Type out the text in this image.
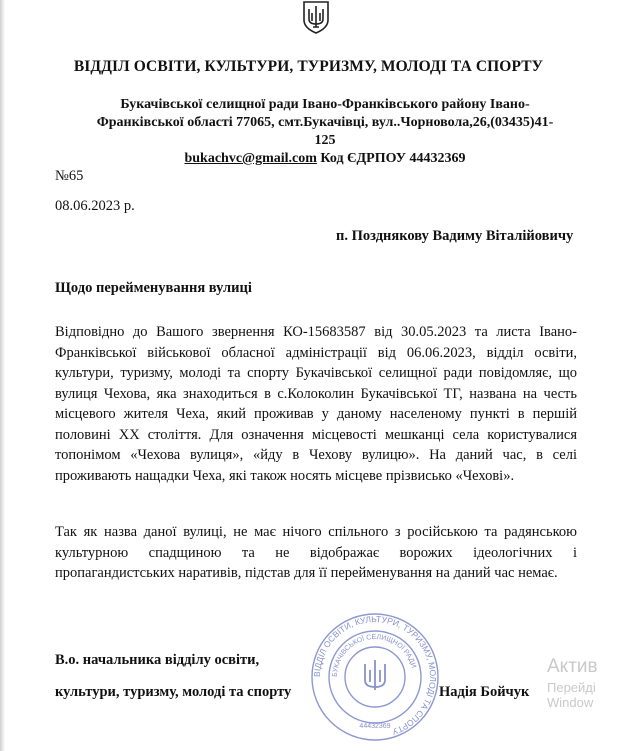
ВІДДІЛ ОСВІТИ, КУЛЬТУРИ, ТУРИЗМУ, МОЛОДІ ТА СПОРТУ
Букачівської селищної ради Івано-Франківського району Івано-
Франківської області 77065, смт.Букачівці, вул..Чорновола,26,(03435)41-125
bukachvc@gmail.com Код ЄДРПОУ 44432369
№65
08.06.2023 р.
п. Позднякову Вадиму Віталійовичу
Щодо перейменування вулиці
Відповідно до Вашого звернення КО-15683587 від 30.05.2023 та листа Івано-Франківської військової обласної адміністрації від 06.06.2023, відділ освіти, культури, туризму, молоді та спорту Букачівської селищної ради повідомляє, що вулиця Чехова, яка знаходиться в с.Колоколин Букачівської ТГ, названа на честь місцевого жителя Чеха, який проживав у даному населеному пункті в першій половині XX століття. Для означення місцевості мешканці села користувалися топонімом «Чехова вулиця», «йду в Чехову вулицю». На даний час, в селі проживають нащадки Чеха, які також носять місцеве прізвисько «Чехові».
Так як назва даної вулиці, не має нічого спільного з російською та радянською культурною спадщиною та не відображає ворожих ідеологічних і пропагандистських наративів, підстав для її перейменування на даний час немає.
ВІДДІЛ ОСВІТИ, КУЛЬТУРИ, ТУРИЗМУ, МОЛОДІ ТА СПОРТУ
БУКАЧІВСЬКОЇ СЕЛИЩНОЇ РАДИ
44432369
В.о. начальника відділу освіти,
культури, туризму, молоді та спорту	Надія Бойчук
Актив
Перейді
Window
